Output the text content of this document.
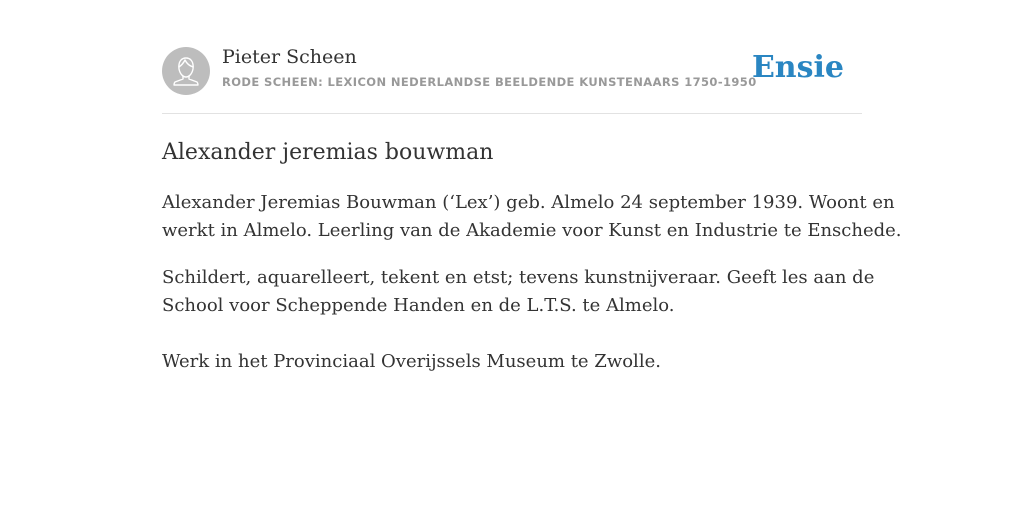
Pieter Scheen
RODE SCHEEN: LEXICON NEDERLANDSE BEELDENDE KUNSTENAARS 1750-1950
Ensie
Alexander jeremias bouwman
Alexander Jeremias Bouwman (‘Lex’) geb. Almelo 24 september 1939. Woont en
werkt in Almelo. Leerling van de Akademie voor Kunst en Industrie te Enschede.
Schildert, aquarelleert, tekent en etst; tevens kunstnijveraar. Geeft les aan de
School voor Scheppende Handen en de L.T.S. te Almelo.
Werk in het Provinciaal Overijssels Museum te Zwolle.
